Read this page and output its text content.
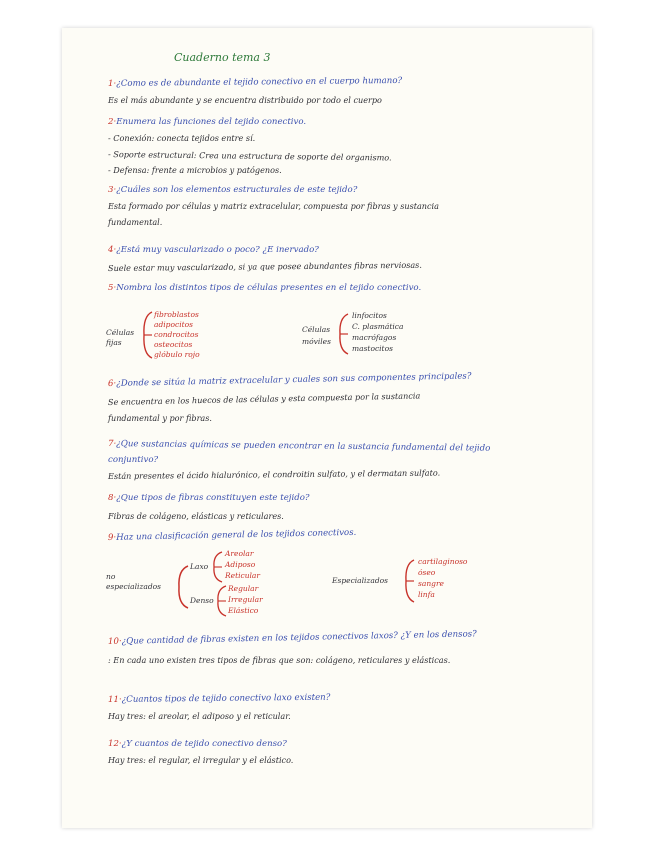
Cuaderno tema 3
1·¿Como es de abundante el tejido conectivo en el cuerpo humano?
Es el más abundante y se encuentra distribuido por todo el cuerpo
2·Enumera las funciones del tejido conectivo.
- Conexión: conecta tejidos entre sí.
- Soporte estructural: Crea una estructura de soporte del organismo.
- Defensa: frente a microbios y patógenos.
3·¿Cuáles son los elementos estructurales de este tejido?
Esta formado por células y matriz extracelular, compuesta por fibras y sustancia
fundamental.
4·¿Está muy vascularizado o poco? ¿E inervado?
Suele estar muy vascularizado, si ya que posee abundantes fibras nerviosas.
5·Nombra los distintos tipos de células presentes en el tejido conectivo.
Células
fijas
fibroblastos
adipocitos
condrocitos
osteocitos
glóbulo rojo
Células
móviles
linfocitos
C. plasmática
macrófagos
mastocitos
6·¿Donde se sitúa la matriz extracelular y cuales son sus componentes principales?
Se encuentra en los huecos de las células y esta compuesta por la sustancia
fundamental y por fibras.
7·¿Que sustancias químicas se pueden encontrar en la sustancia fundamental del tejido
conjuntivo?
Están presentes el ácido hialurónico, el condroitin sulfato, y el dermatan sulfato.
8·¿Que tipos de fibras constituyen este tejido?
Fibras de colágeno, elásticas y reticulares.
9·Haz una clasificación general de los tejidos conectivos.
no
especializados
Laxo
Areolar
Adiposo
Reticular
Denso
Regular
Irregular
Elástico
Especializados
cartilaginoso
óseo
sangre
linfa
10·¿Que cantidad de fibras existen en los tejidos conectivos laxos? ¿Y en los densos?
: En cada uno existen tres tipos de fibras que son: colágeno, reticulares y elásticas.
11·¿Cuantos tipos de tejido conectivo laxo existen?
Hay tres: el areolar, el adiposo y el reticular.
12·¿Y cuantos de tejido conectivo denso?
Hay tres: el regular, el irregular y el elástico.
